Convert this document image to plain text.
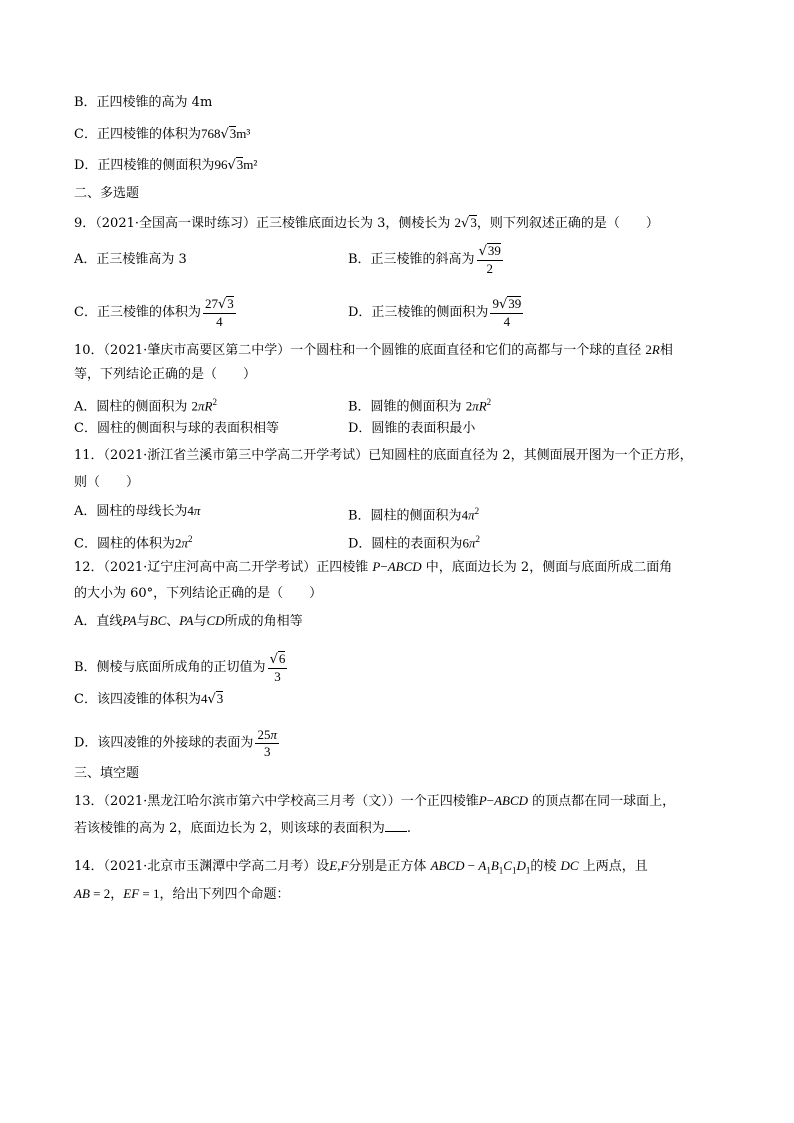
B．正四棱锥的高为 4m
C．正四棱锥的体积为768√3m³
D．正四棱锥的侧面积为96√3m²
二、多选题
9．（2021·全国高一课时练习）正三棱锥底面边长为 3，侧棱长为 2√3，则下列叙述正确的是（　　）
A．正三棱锥高为 3	B．正三棱锥的斜高为 $\frac{√39}{2}$
C．正三棱锥的体积为 $\frac{27√3}{4}$	D．正三棱锥的侧面积为 $\frac{9√39}{4}$
10．（2021·肇庆市高要区第二中学）一个圆柱和一个圆锥的底面直径和它们的高都与一个球的直径 2R相
等，下列结论正确的是（　　）
A．圆柱的侧面积为 $2\pi R^2$	B．圆锥的侧面积为 $2\pi R^2$
C．圆柱的侧面积与球的表面积相等	D．圆锥的表面积最小
11．（2021·浙江省兰溪市第三中学高二开学考试）已知圆柱的底面直径为 2，其侧面展开图为一个正方形，
则（　　）
A．圆柱的母线长为4π	B．圆柱的侧面积为$4\pi^2$
C．圆柱的体积为$2\pi^2$	D．圆柱的表面积为$6\pi^2$
12．（2021·辽宁庄河高中高二开学考试）正四棱锥 P−ABCD 中，底面边长为 2，侧面与底面所成二面角
的大小为 60°，下列结论正确的是（　　）
A．直线PA与BC、PA与CD所成的角相等
B．侧棱与底面所成角的正切值为 $\frac{√6}{3}$
C．该四凌锥的体积为4√3
D．该四凌锥的外接球的表面为 $\frac{25\pi}{3}$
三、填空题
13．（2021·黑龙江哈尔滨市第六中学校高三月考（文））一个正四棱锥P−ABCD 的顶点都在同一球面上，
若该棱锥的高为 2，底面边长为 2，则该球的表面积为 .
14．（2021·北京市玉渊潭中学高二月考）设E,F分别是正方体 ABCD − $A_1B_1C_1D_1$的棱 DC 上两点，且
AB = 2，EF = 1，给出下列四个命题：
